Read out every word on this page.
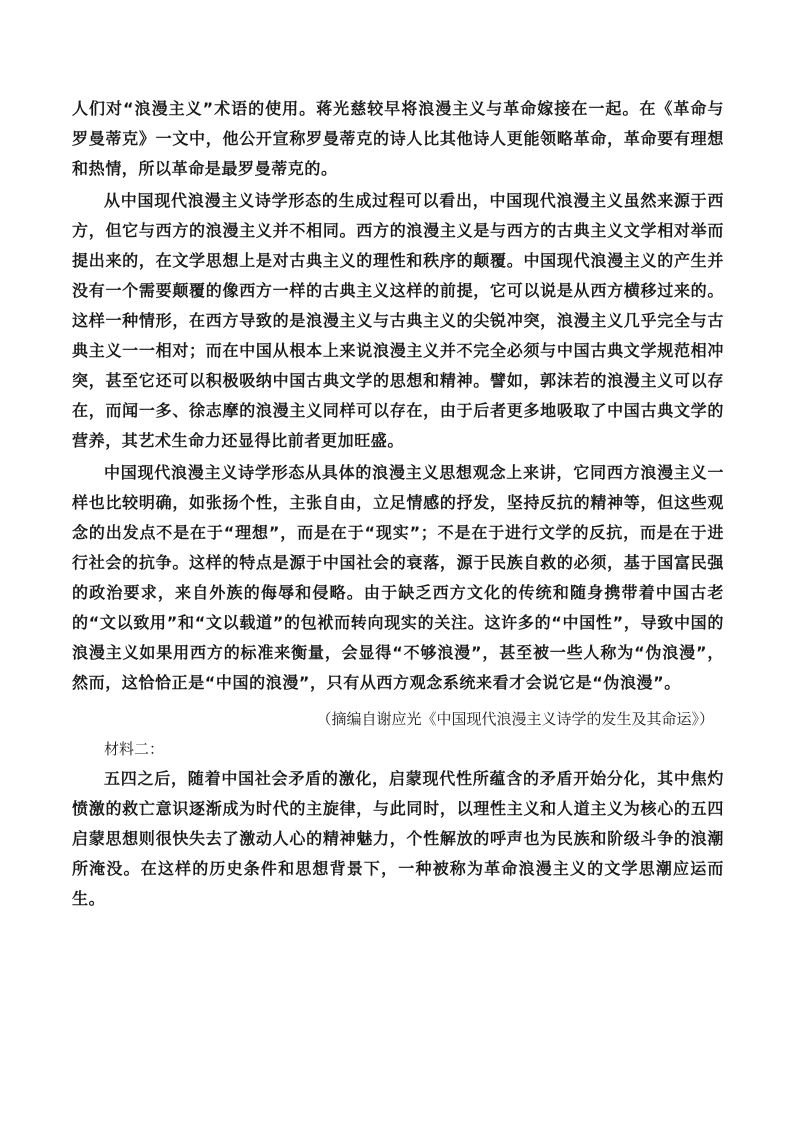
人们对“浪漫主义”术语的使用。蒋光慈较早将浪漫主义与革命嫁接在一起。在《革命与罗曼蒂克》一文中，他公开宣称罗曼蒂克的诗人比其他诗人更能领略革命，革命要有理想和热情，所以革命是最罗曼蒂克的。

从中国现代浪漫主义诗学形态的生成过程可以看出，中国现代浪漫主义虽然来源于西方，但它与西方的浪漫主义并不相同。西方的浪漫主义是与西方的古典主义文学相对举而提出来的，在文学思想上是对古典主义的理性和秩序的颠覆。中国现代浪漫主义的产生并没有一个需要颠覆的像西方一样的古典主义这样的前提，它可以说是从西方横移过来的。这样一种情形，在西方导致的是浪漫主义与古典主义的尖锐冲突，浪漫主义几乎完全与古典主义一一相对；而在中国从根本上来说浪漫主义并不完全必须与中国古典文学规范相冲突，甚至它还可以积极吸纳中国古典文学的思想和精神。譬如，郭沫若的浪漫主义可以存在，而闻一多、徐志摩的浪漫主义同样可以存在，由于后者更多地吸取了中国古典文学的营养，其艺术生命力还显得比前者更加旺盛。

中国现代浪漫主义诗学形态从具体的浪漫主义思想观念上来讲，它同西方浪漫主义一样也比较明确，如张扬个性，主张自由，立足情感的抒发，坚持反抗的精神等，但这些观念的出发点不是在于“理想”，而是在于“现实”；不是在于进行文学的反抗，而是在于进行社会的抗争。这样的特点是源于中国社会的衰落，源于民族自救的必须，基于国富民强的政治要求，来自外族的侮辱和侵略。由于缺乏西方文化的传统和随身携带着中国古老的“文以致用”和“文以载道”的包袱而转向现实的关注。这许多的“中国性”，导致中国的浪漫主义如果用西方的标准来衡量，会显得“不够浪漫”，甚至被一些人称为“伪浪漫”，然而，这恰恰正是“中国的浪漫”，只有从西方观念系统来看才会说它是“伪浪漫”。

（摘编自谢应光《中国现代浪漫主义诗学的发生及其命运》）

材料二：

五四之后，随着中国社会矛盾的激化，启蒙现代性所蕴含的矛盾开始分化，其中焦灼愤激的救亡意识逐渐成为时代的主旋律，与此同时，以理性主义和人道主义为核心的五四启蒙思想则很快失去了激动人心的精神魅力，个性解放的呼声也为民族和阶级斗争的浪潮所淹没。在这样的历史条件和思想背景下，一种被称为革命浪漫主义的文学思潮应运而生。
